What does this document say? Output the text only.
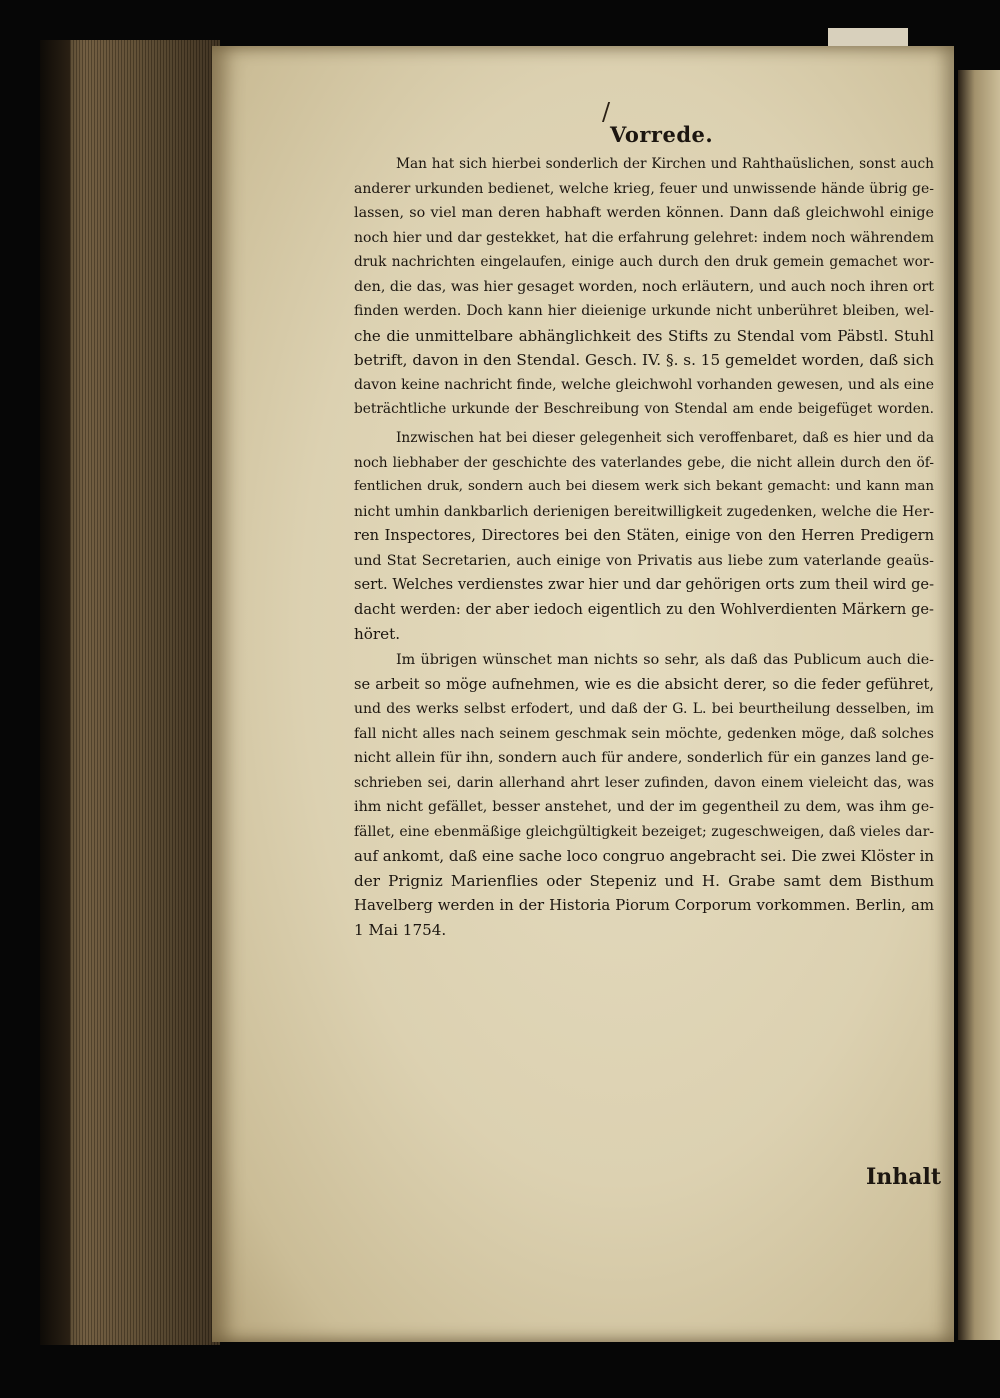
/
Vorrede.
Man hat sich hierbei sonderlich der Kirchen und Rahthaüslichen, sonst auch
anderer urkunden bedienet, welche krieg, feuer und unwissende hände übrig ge-
lassen, so viel man deren habhaft werden können. Dann daß gleichwohl einige
noch hier und dar gestekket, hat die erfahrung gelehret: indem noch währendem
druk nachrichten eingelaufen, einige auch durch den druk gemein gemachet wor-
den, die das, was hier gesaget worden, noch erläutern, und auch noch ihren ort
finden werden. Doch kann hier dieienige urkunde nicht unberühret bleiben, wel-
che die unmittelbare abhänglichkeit des Stifts zu Stendal vom Päbstl. Stuhl
betrift, davon in den Stendal. Gesch. IV. §. s. 15 gemeldet worden, daß sich
davon keine nachricht finde, welche gleichwohl vorhanden gewesen, und als eine
beträchtliche urkunde der Beschreibung von Stendal am ende beigefüget worden.
Inzwischen hat bei dieser gelegenheit sich veroffenbaret, daß es hier und da
noch liebhaber der geschichte des vaterlandes gebe, die nicht allein durch den öf-
fentlichen druk, sondern auch bei diesem werk sich bekant gemacht: und kann man
nicht umhin dankbarlich derienigen bereitwilligkeit zugedenken, welche die Her-
ren Inspectores, Directores bei den Stäten, einige von den Herren Predigern
und Stat Secretarien, auch einige von Privatis aus liebe zum vaterlande geaüs-
sert. Welches verdienstes zwar hier und dar gehörigen orts zum theil wird ge-
dacht werden: der aber iedoch eigentlich zu den Wohlverdienten Märkern ge-
höret.
Im übrigen wünschet man nichts so sehr, als daß das Publicum auch die-
se arbeit so möge aufnehmen, wie es die absicht derer, so die feder geführet,
und des werks selbst erfodert, und daß der G. L. bei beurtheilung desselben, im
fall nicht alles nach seinem geschmak sein möchte, gedenken möge, daß solches
nicht allein für ihn, sondern auch für andere, sonderlich für ein ganzes land ge-
schrieben sei, darin allerhand ahrt leser zufinden, davon einem vieleicht das, was
ihm nicht gefället, besser anstehet, und der im gegentheil zu dem, was ihm ge-
fället, eine ebenmäßige gleichgültigkeit bezeiget; zugeschweigen, daß vieles dar-
auf ankomt, daß eine sache loco congruo angebracht sei. Die zwei Klöster in
der Prigniz Marienflies oder Stepeniz und H. Grabe samt dem Bisthum
Havelberg werden in der Historia Piorum Corporum vorkommen. Berlin, am
1 Mai 1754.
Inhalt
